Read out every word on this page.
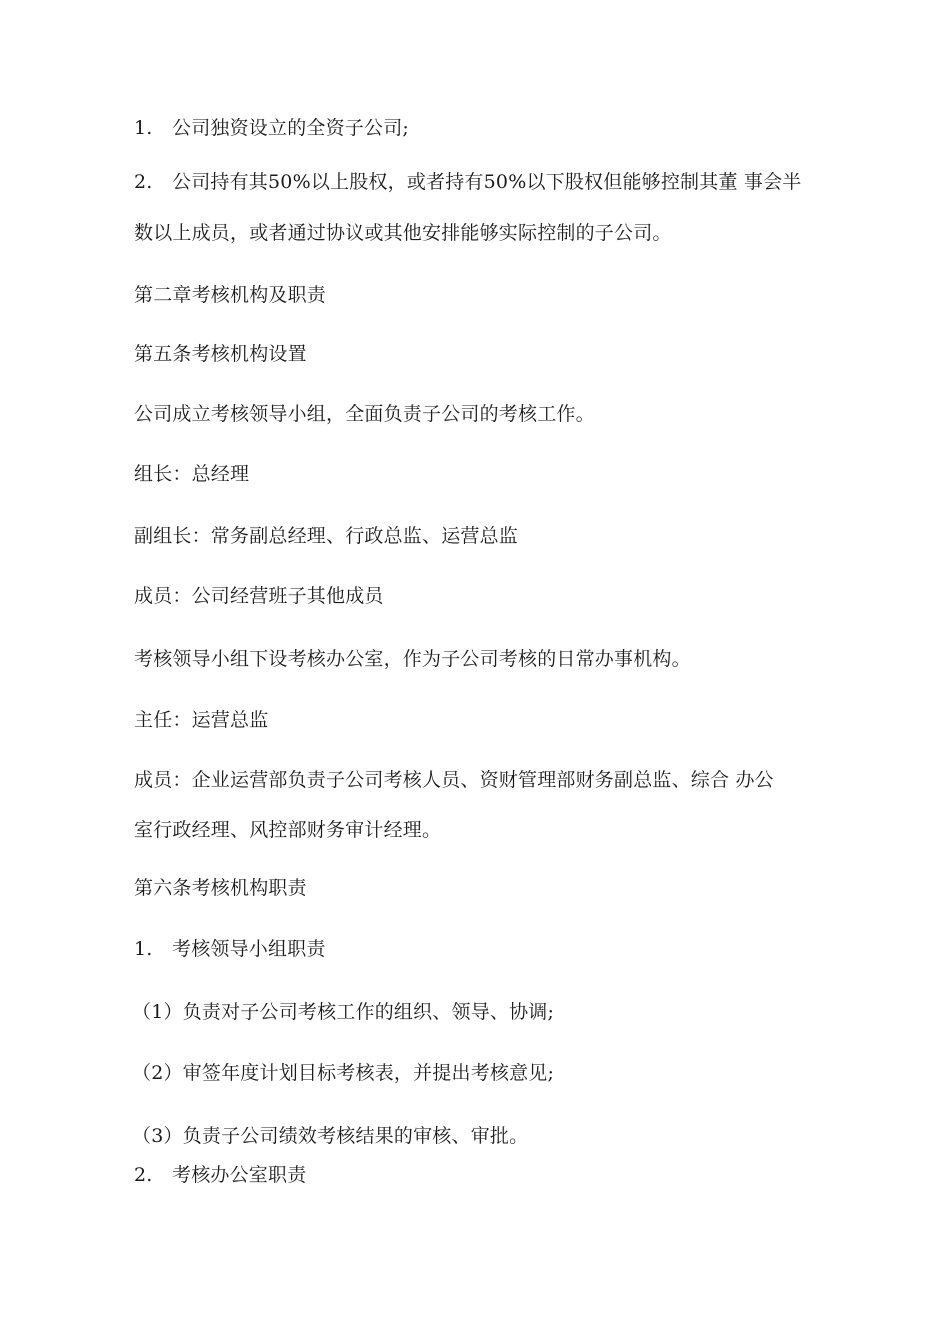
1. 公司独资设立的全资子公司;
2. 公司持有其50%以上股权，或者持有50%以下股权但能够控制其董 事会半
数以上成员，或者通过协议或其他安排能够实际控制的子公司。
第二章考核机构及职责
第五条考核机构设置
公司成立考核领导小组，全面负责子公司的考核工作。
组长：总经理
副组长：常务副总经理、行政总监、运营总监
成员：公司经营班子其他成员
考核领导小组下设考核办公室，作为子公司考核的日常办事机构。
主任：运营总监
成员：企业运营部负责子公司考核人员、资财管理部财务副总监、综合 办公
室行政经理、风控部财务审计经理。
第六条考核机构职责
1. 考核领导小组职责
（1）负责对子公司考核工作的组织、领导、协调;
（2）审签年度计划目标考核表，并提出考核意见;
（3）负责子公司绩效考核结果的审核、审批。
2. 考核办公室职责
